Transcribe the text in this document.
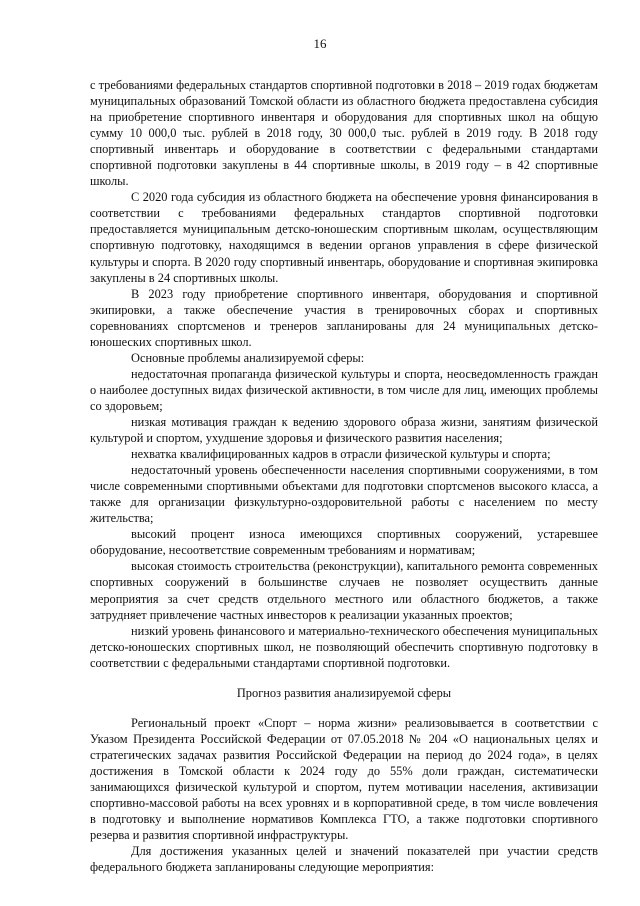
16

с требованиями федеральных стандартов спортивной подготовки в 2018 – 2019 годах бюджетам муниципальных образований Томской области из областного бюджета предоставлена субсидия на приобретение спортивного инвентаря и оборудования для спортивных школ на общую сумму 10 000,0 тыс. рублей в 2018 году, 30 000,0 тыс. рублей в 2019 году. В 2018 году спортивный инвентарь и оборудование в соответствии с федеральными стандартами спортивной подготовки закуплены в 44 спортивные школы, в 2019 году – в 42 спортивные школы.

С 2020 года субсидия из областного бюджета на обеспечение уровня финансирования в соответствии с требованиями федеральных стандартов спортивной подготовки предоставляется муниципальным детско-юношеским спортивным школам, осуществляющим спортивную подготовку, находящимся в ведении органов управления в сфере физической культуры и спорта. В 2020 году спортивный инвентарь, оборудование и спортивная экипировка закуплены в 24 спортивных школы.

В 2023 году приобретение спортивного инвентаря, оборудования и спортивной экипировки, а также обеспечение участия в тренировочных сборах и спортивных соревнованиях спортсменов и тренеров запланированы для 24 муниципальных детско-юношеских спортивных школ.

Основные проблемы анализируемой сферы:

недостаточная пропаганда физической культуры и спорта, неосведомленность граждан о наиболее доступных видах физической активности, в том числе для лиц, имеющих проблемы со здоровьем;

низкая мотивация граждан к ведению здорового образа жизни, занятиям физической культурой и спортом, ухудшение здоровья и физического развития населения;

нехватка квалифицированных кадров в отрасли физической культуры и спорта;

недостаточный уровень обеспеченности населения спортивными сооружениями, в том числе современными спортивными объектами для подготовки спортсменов высокого класса, а также для организации физкультурно-оздоровительной работы с населением по месту жительства;

высокий процент износа имеющихся спортивных сооружений, устаревшее оборудование, несоответствие современным требованиям и нормативам;

высокая стоимость строительства (реконструкции), капитального ремонта современных спортивных сооружений в большинстве случаев не позволяет осуществить данные мероприятия за счет средств отдельного местного или областного бюджетов, а также затрудняет привлечение частных инвесторов к реализации указанных проектов;

низкий уровень финансового и материально-технического обеспечения муниципальных детско-юношеских спортивных школ, не позволяющий обеспечить спортивную подготовку в соответствии с федеральными стандартами спортивной подготовки.

Прогноз развития анализируемой сферы

Региональный проект «Спорт – норма жизни» реализовывается в соответствии с Указом Президента Российской Федерации от 07.05.2018 № 204 «О национальных целях и стратегических задачах развития Российской Федерации на период до 2024 года», в целях достижения в Томской области к 2024 году до 55% доли граждан, систематически занимающихся физической культурой и спортом, путем мотивации населения, активизации спортивно-массовой работы на всех уровнях и в корпоративной среде, в том числе вовлечения в подготовку и выполнение нормативов Комплекса ГТО, а также подготовки спортивного резерва и развития спортивной инфраструктуры.

Для достижения указанных целей и значений показателей при участии средств федерального бюджета запланированы следующие мероприятия:
